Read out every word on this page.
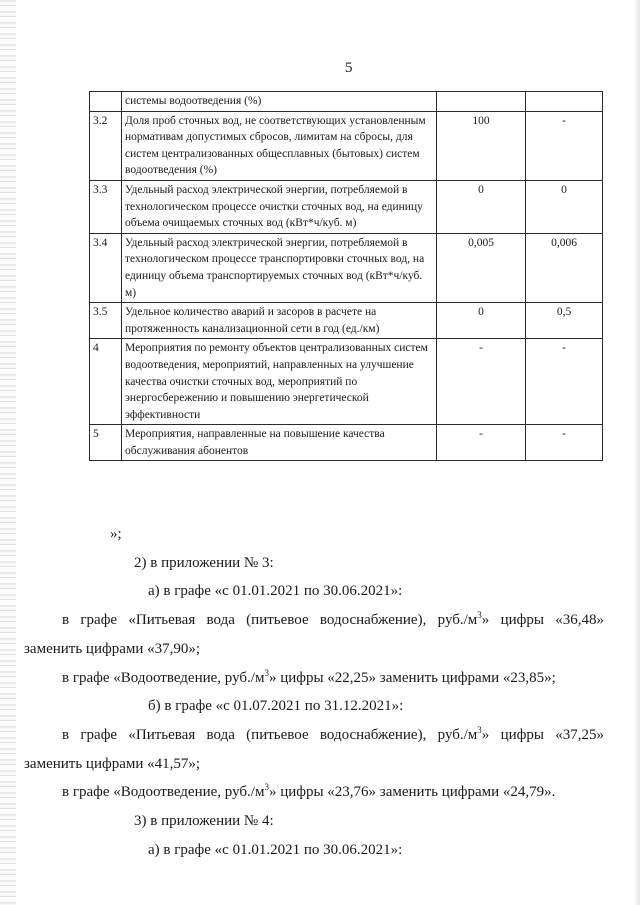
5
	системы водоотведения (%)		
3.2	Доля проб сточных вод, не соответствующих установленным нормативам допустимых сбросов, лимитам на сбросы, для систем централизованных общесплавных (бытовых) систем водоотведения (%)	100	-
3.3	Удельный расход электрической энергии, потребляемой в технологическом процессе очистки сточных вод, на единицу объема очищаемых сточных вод (кВт*ч/куб. м)	0	0
3.4	Удельный расход электрической энергии, потребляемой в технологическом процессе транспортировки сточных вод, на единицу объема транспортируемых сточных вод (кВт*ч/куб. м)	0,005	0,006
3.5	Удельное количество аварий и засоров в расчете на протяженность канализационной сети в год (ед./км)	0	0,5
4	Мероприятия по ремонту объектов централизованных систем водоотведения, мероприятий, направленных на улучшение качества очистки сточных вод, мероприятий по энергосбережению и повышению энергетической эффективности	-	-
5	Мероприятия, направленные на повышение качества обслуживания абонентов	-	-

»;

2) в приложении № 3:

а) в графе «с 01.01.2021 по 30.06.2021»:

в графе «Питьевая вода (питьевое водоснабжение), $руб./м^3$» цифры «36,48» заменить цифрами «37,90»;

в графе «Водоотведение, $руб./м^3$» цифры «22,25» заменить цифрами «23,85»;

б) в графе «с 01.07.2021 по 31.12.2021»:

в графе «Питьевая вода (питьевое водоснабжение), $руб./м^3$» цифры «37,25» заменить цифрами «41,57»;

в графе «Водоотведение, $руб./м^3$» цифры «23,76» заменить цифрами «24,79».

3) в приложении № 4:

а) в графе «с 01.01.2021 по 30.06.2021»:
